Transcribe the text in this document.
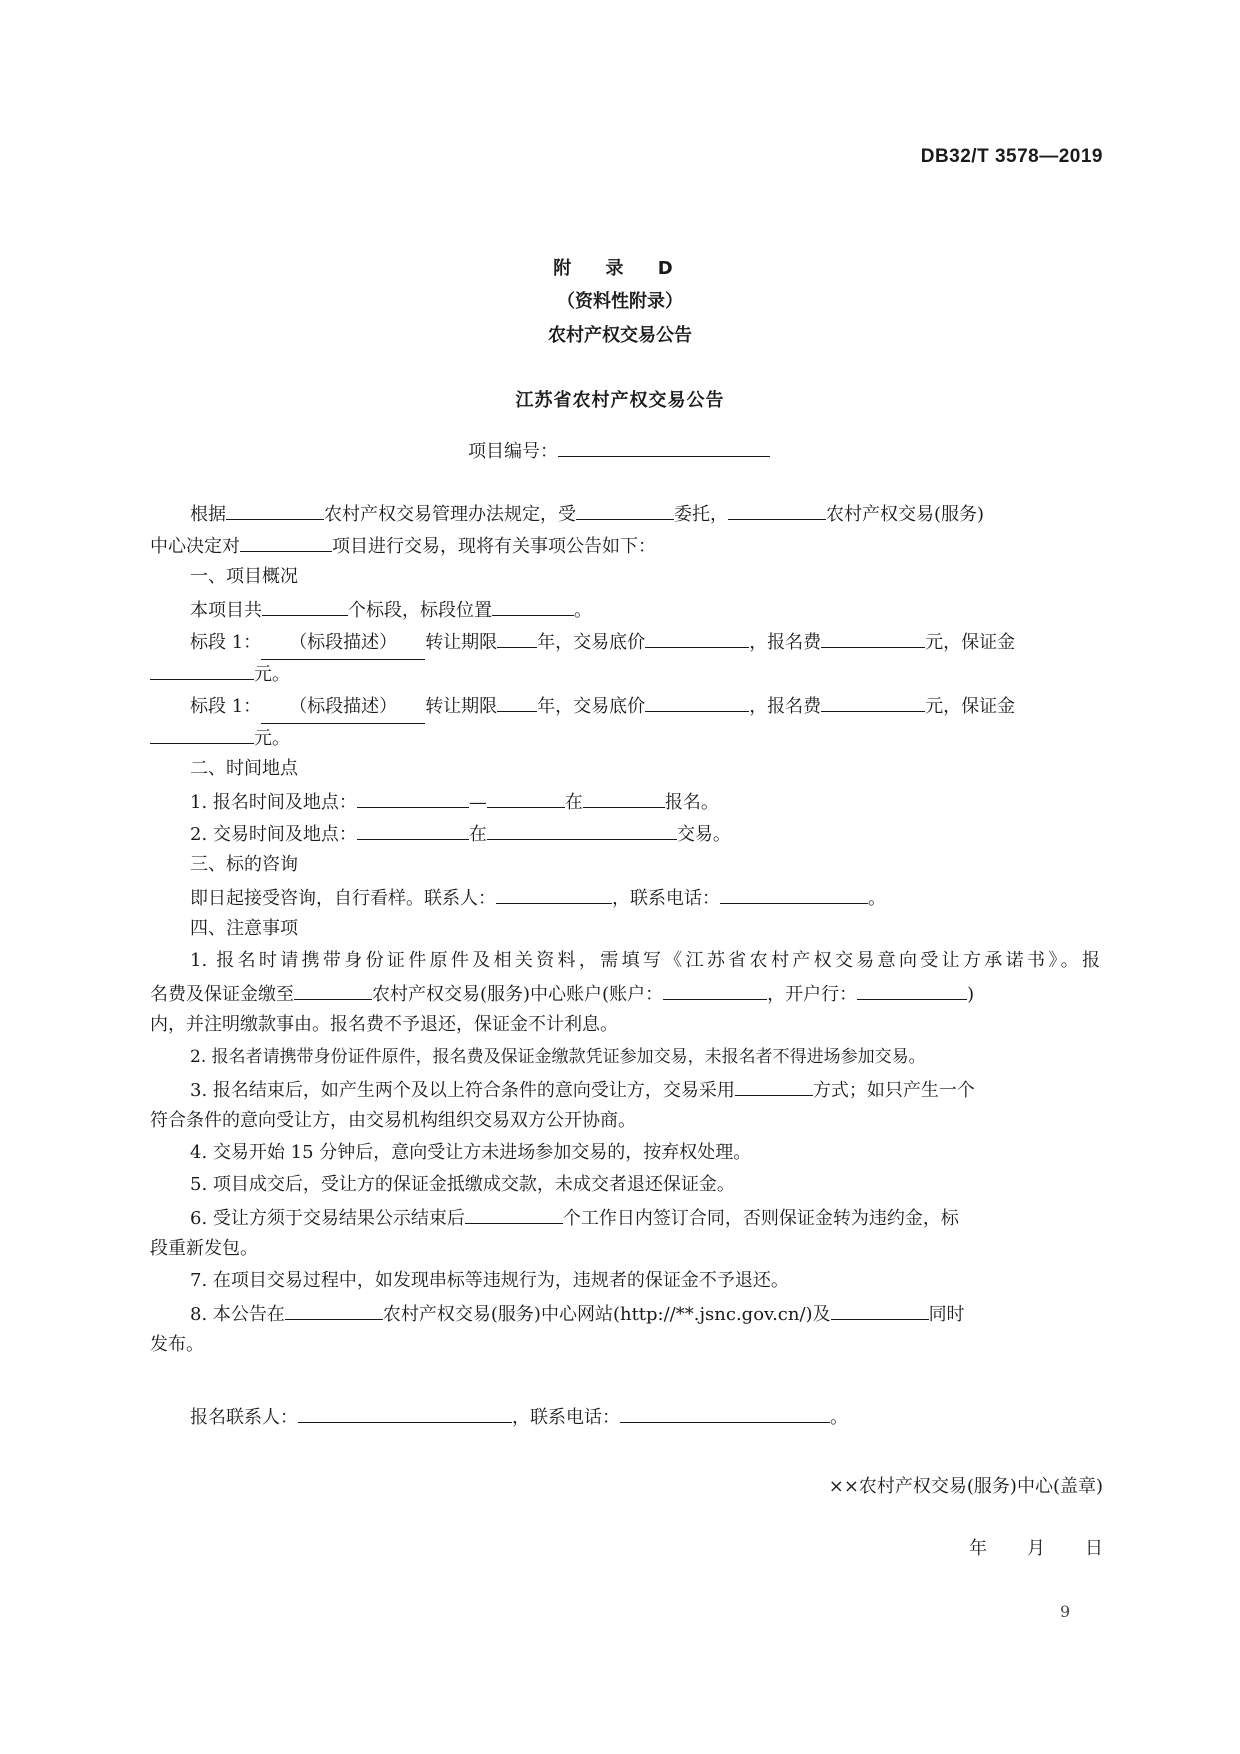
DB32/T 3578—2019
附 录 D
（资料性附录）
农村产权交易公告
江苏省农村产权交易公告
项目编号：
根据	农村产权交易管理办法规定，受	委托，	农村产权交易(服务)
中心决定对	项目进行交易，现将有关事项公告如下：
一、项目概况
本项目共	个标段，标段位置	。
标段 1： （标段描述） 转让期限 年，交易底价	，报名费	元，保证金
元。
标段 1： （标段描述） 转让期限 年，交易底价	，报名费	元，保证金
元。
二、时间地点
1. 报名时间及地点：	—	在	报名。
2. 交易时间及地点：	在	交易。
三、标的咨询
即日起接受咨询，自行看样。联系人：	，联系电话：	。
四、注意事项
1. 报名时请携带身份证件原件及相关资料，需填写《江苏省农村产权交易意向受让方承诺书》。报
名费及保证金缴至	农村产权交易(服务)中心账户(账户：	，开户行：	)
内，并注明缴款事由。报名费不予退还，保证金不计利息。
2. 报名者请携带身份证件原件，报名费及保证金缴款凭证参加交易，未报名者不得进场参加交易。
3. 报名结束后，如产生两个及以上符合条件的意向受让方，交易采用	方式；如只产生一个
符合条件的意向受让方，由交易机构组织交易双方公开协商。
4. 交易开始 15 分钟后，意向受让方未进场参加交易的，按弃权处理。
5. 项目成交后，受让方的保证金抵缴成交款，未成交者退还保证金。
6. 受让方须于交易结果公示结束后	个工作日内签订合同，否则保证金转为违约金，标
段重新发包。
7. 在项目交易过程中，如发现串标等违规行为，违规者的保证金不予退还。
8. 本公告在	农村产权交易(服务)中心网站(http://**.jsnc.gov.cn/)及	同时
发布。
报名联系人：	，联系电话：	。
××农村产权交易(服务)中心(盖章)
年 月 日
9
